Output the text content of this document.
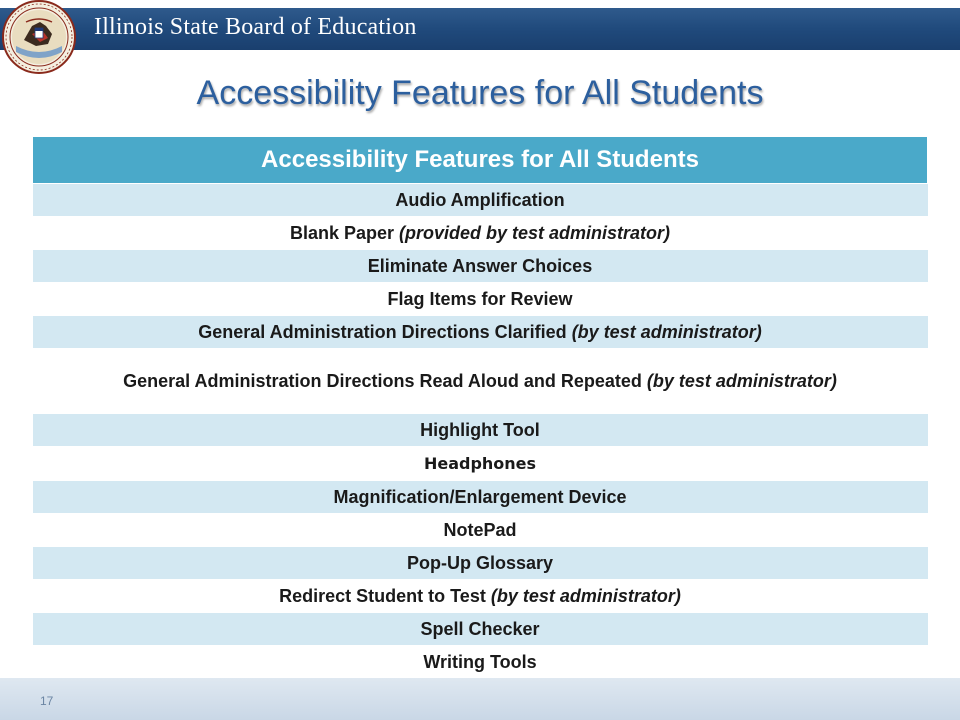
Illinois State Board of Education
Accessibility Features for All Students
Accessibility Features for All Students
Audio Amplification
Blank Paper (provided by test administrator)
Eliminate Answer Choices
Flag Items for Review
General Administration Directions Clarified (by test administrator)
General Administration Directions Read Aloud and Repeated (by test administrator)
Highlight Tool
Headphones
Magnification/Enlargement Device
NotePad
Pop-Up Glossary
Redirect Student to Test (by test administrator)
Spell Checker
Writing Tools
17
